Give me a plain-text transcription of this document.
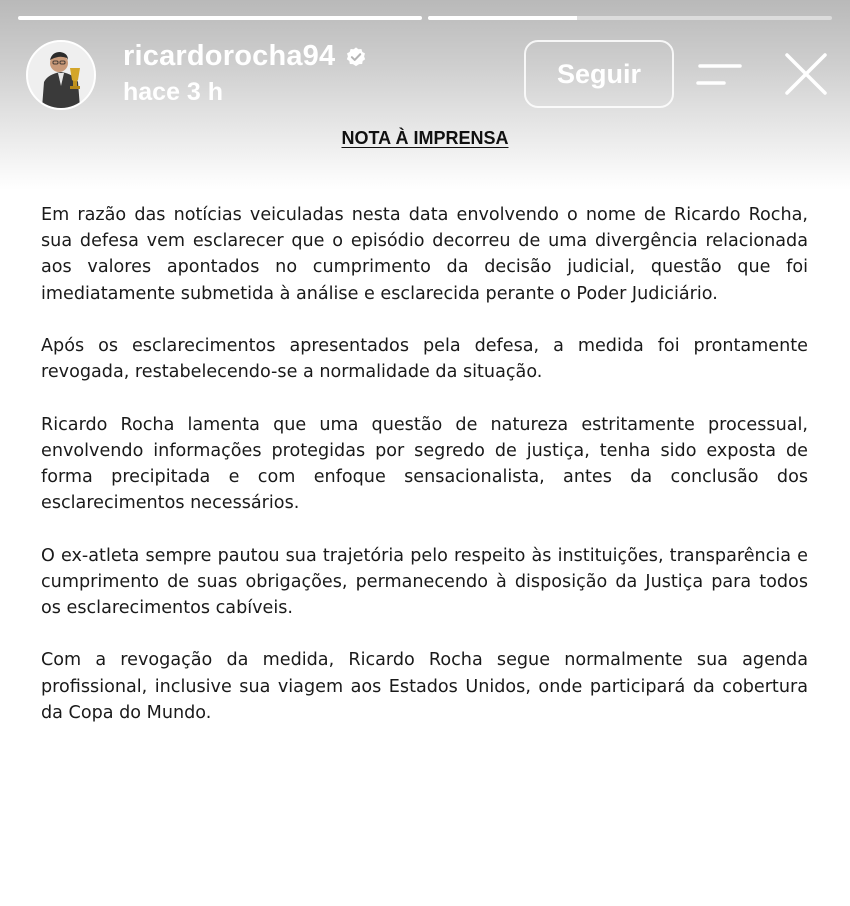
ricardorocha94
hace 3 h
Seguir
NOTA À IMPRENSA

Em razão das notícias veiculadas nesta data envolvendo o nome de Ricardo Rocha, sua defesa vem esclarecer que o episódio decorreu de uma divergência relacionada aos valores apontados no cumprimento da decisão judicial, questão que foi imediatamente submetida à análise e esclarecida perante o Poder Judiciário.

Após os esclarecimentos apresentados pela defesa, a medida foi prontamente revogada, restabelecendo-se a normalidade da situação.

Ricardo Rocha lamenta que uma questão de natureza estritamente processual, envolvendo informações protegidas por segredo de justiça, tenha sido exposta de forma precipitada e com enfoque sensacionalista, antes da conclusão dos esclarecimentos necessários.

O ex-atleta sempre pautou sua trajetória pelo respeito às instituições, transparência e cumprimento de suas obrigações, permanecendo à disposição da Justiça para todos os esclarecimentos cabíveis.

Com a revogação da medida, Ricardo Rocha segue normalmente sua agenda profissional, inclusive sua viagem aos Estados Unidos, onde participará da cobertura da Copa do Mundo.
